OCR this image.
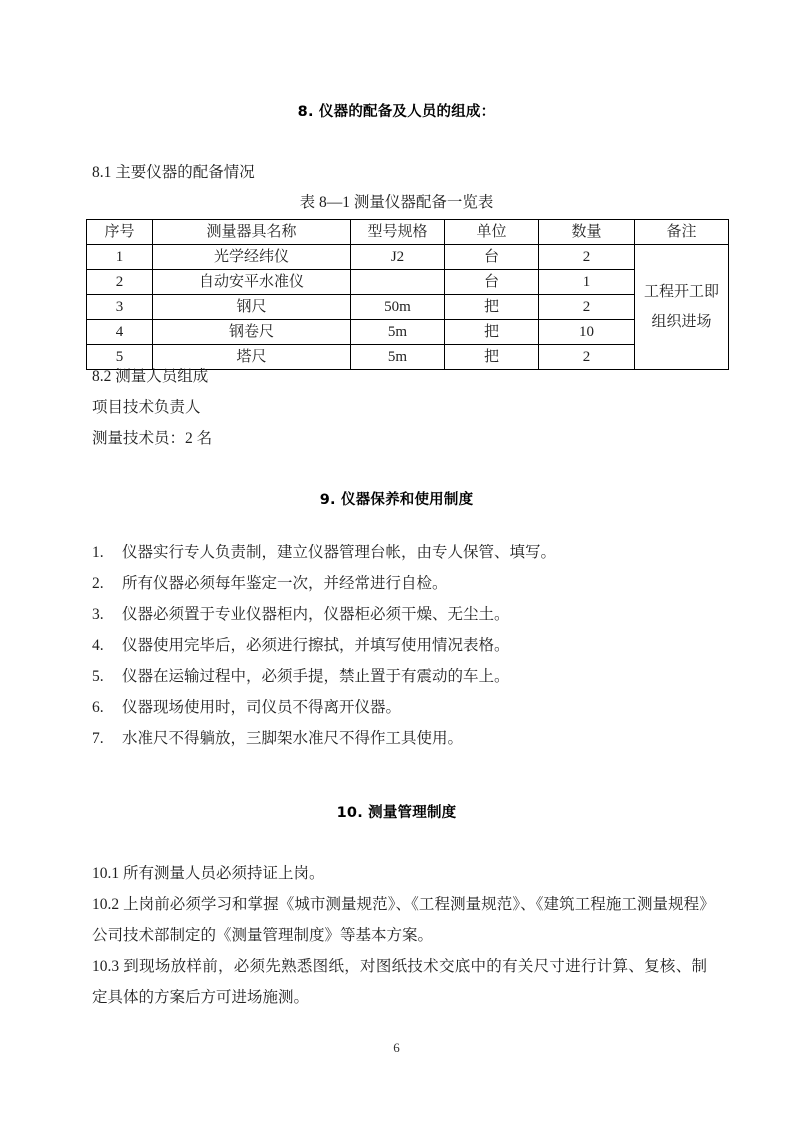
8. 仪器的配备及人员的组成：
8.1 主要仪器的配备情况
表 8—1 测量仪器配备一览表
序号	测量器具名称	型号规格	单位	数量	备注
1	光学经纬仪	J2	台	2	工程开工即
组织进场

2	自动安平水准仪		台	1	
3	钢尺	50m	把	2	
4	钢卷尺	5m	把	10	
5	塔尺	5m	把	2	
8.2 测量人员组成
项目技术负责人
测量技术员：2 名
9. 仪器保养和使用制度
1.	仪器实行专人负责制，建立仪器管理台帐，由专人保管、填写。
2.	所有仪器必须每年鉴定一次，并经常进行自检。
3.	仪器必须置于专业仪器柜内，仪器柜必须干燥、无尘土。
4.	仪器使用完毕后，必须进行擦拭，并填写使用情况表格。
5.	仪器在运输过程中，必须手提，禁止置于有震动的车上。
6.	仪器现场使用时，司仪员不得离开仪器。
7.	水准尺不得躺放，三脚架水准尺不得作工具使用。
10. 测量管理制度
10.1 所有测量人员必须持证上岗。
10.2 上岗前必须学习和掌握《城市测量规范》、《工程测量规范》、《建筑工程施工测量规程》公司技术部制定的《测量管理制度》等基本方案。
10.3 到现场放样前，必须先熟悉图纸，对图纸技术交底中的有关尺寸进行计算、复核、制定具体的方案后方可进场施测。
6
